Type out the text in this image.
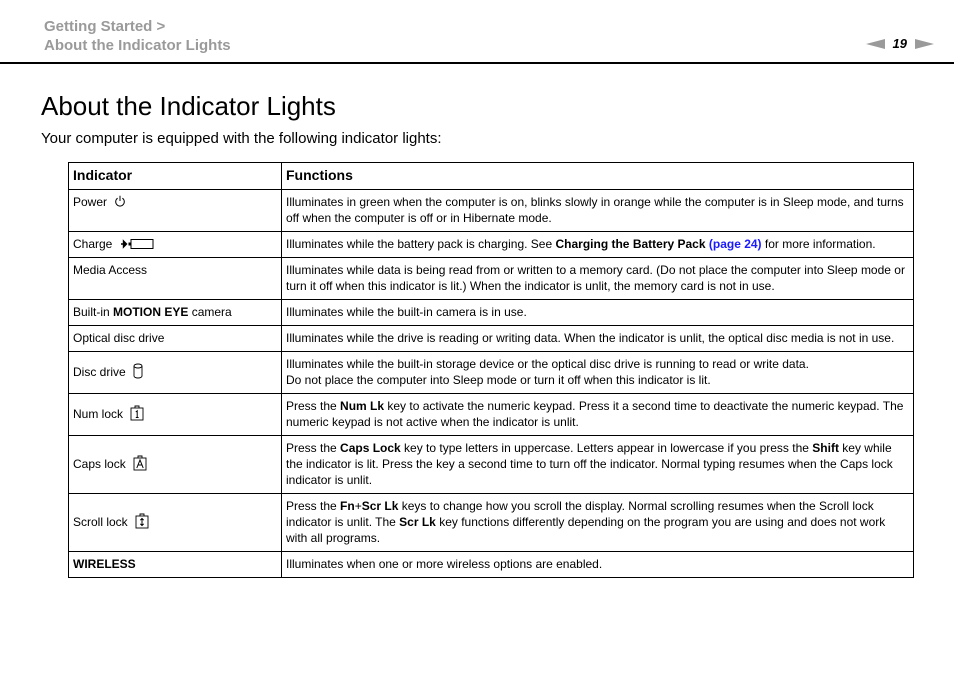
Getting Started >
About the Indicator Lights	19
About the Indicator Lights

Your computer is equipped with the following indicator lights:

Indicator	Functions
Power	Illuminates in green when the computer is on, blinks slowly in orange while the computer is in Sleep mode, and turns off when the computer is off or in Hibernate mode.
Charge	Illuminates while the battery pack is charging. See Charging the Battery Pack (page 24) for more information.
Media Access	Illuminates while data is being read from or written to a memory card. (Do not place the computer into Sleep mode or turn it off when this indicator is lit.) When the indicator is unlit, the memory card is not in use.
Built-in MOTION EYE camera	Illuminates while the built-in camera is in use.
Optical disc drive	Illuminates while the drive is reading or writing data. When the indicator is unlit, the optical disc media is not in use.
Disc drive	Illuminates while the built-in storage device or the optical disc drive is running to read or write data.
Do not place the computer into Sleep mode or turn it off when this indicator is lit.

Num lock	Press the Num Lk key to activate the numeric keypad. Press it a second time to deactivate the numeric keypad. The numeric keypad is not active when the indicator is unlit.
Caps lock	Press the Caps Lock key to type letters in uppercase. Letters appear in lowercase if you press the Shift key while the indicator is lit. Press the key a second time to turn off the indicator. Normal typing resumes when the Caps lock indicator is unlit.
Scroll lock	Press the Fn+Scr Lk keys to change how you scroll the display. Normal scrolling resumes when the Scroll lock indicator is unlit. The Scr Lk key functions differently depending on the program you are using and does not work with all programs.
WIRELESS	Illuminates when one or more wireless options are enabled.
